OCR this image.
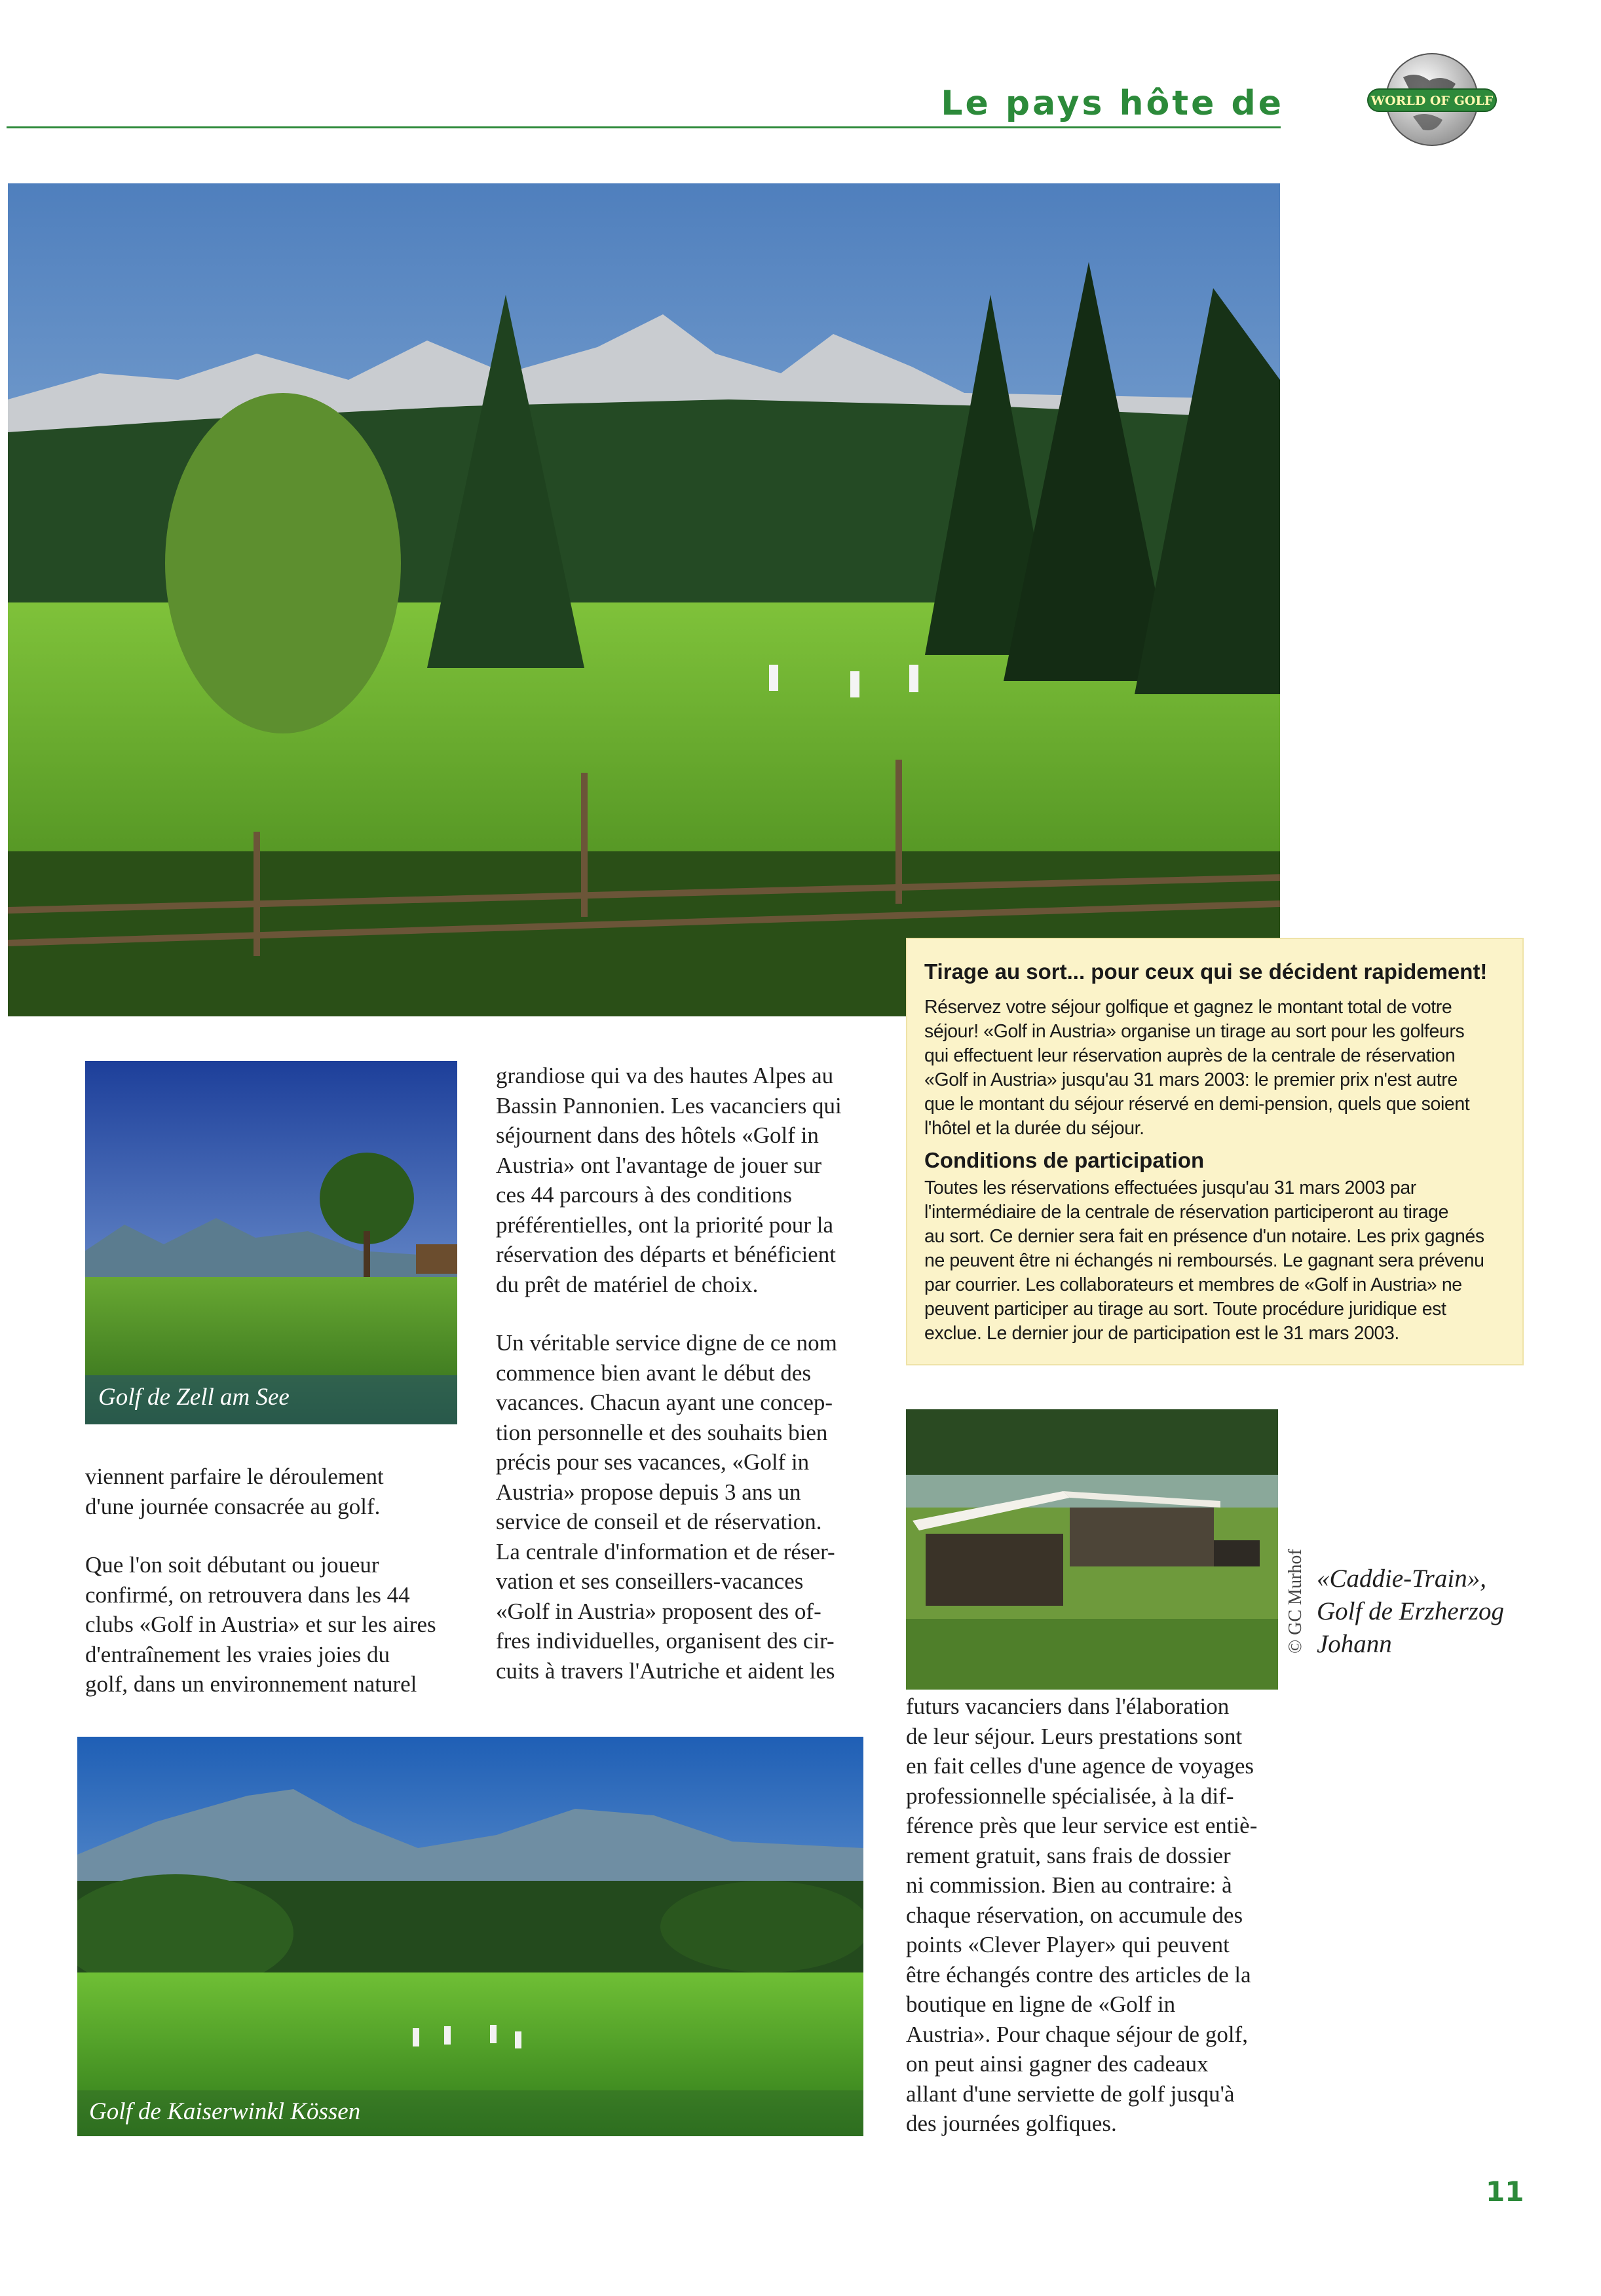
Le pays hôte de	WORLD OF GOLF
Tirage au sort... pour ceux qui se décident rapidement!

Réservez votre séjour golfique et gagnez le montant total de votre

séjour! «Golf in Austria» organise un tirage au sort pour les golfeurs

qui effectuent leur réservation auprès de la centrale de réservation

«Golf in Austria» jusqu'au 31 mars 2003: le premier prix n'est autre

que le montant du séjour réservé en demi-pension, quels que soient

l'hôtel et la durée du séjour.

Conditions de participation

Toutes les réservations effectuées jusqu'au 31 mars 2003 par

l'intermédiaire de la centrale de réservation participeront au tirage

au sort. Ce dernier sera fait en présence d'un notaire. Les prix gagnés

ne peuvent être ni échangés ni remboursés. Le gagnant sera prévenu

par courrier. Les collaborateurs et membres de «Golf in Austria» ne

peuvent participer au tirage au sort. Toute procédure juridique est

exclue. Le dernier jour de participation est le 31 mars 2003.

Golf de Zell am See

viennent parfaire le déroulement
d'une journée consacrée au golf.

Que l'on soit débutant ou joueur
confirmé, on retrouvera dans les 44
clubs «Golf in Austria» et sur les aires
d'entraînement les vraies joies du
golf, dans un environnement naturel

grandiose qui va des hautes Alpes au
Bassin Pannonien. Les vacanciers qui
séjournent dans des hôtels «Golf in
Austria» ont l'avantage de jouer sur
ces 44 parcours à des conditions
préférentielles, ont la priorité pour la
réservation des départs et bénéficient
du prêt de matériel de choix.

Un véritable service digne de ce nom
commence bien avant le début des
vacances. Chacun ayant une concep-
tion personnelle et des souhaits bien
précis pour ses vacances, «Golf in
Austria» propose depuis 3 ans un
service de conseil et de réservation.
La centrale d'information et de réser-
vation et ses conseillers-vacances
«Golf in Austria» proposent des of-
fres individuelles, organisent des cir-
cuits à travers l'Autriche et aident les

© GC Murhof «Caddie-Train»,
Golf de Erzherzog
Johann

futurs vacanciers dans l'élaboration
de leur séjour. Leurs prestations sont
en fait celles d'une agence de voyages
professionnelle spécialisée, à la dif-
férence près que leur service est entiè-
rement gratuit, sans frais de dossier
ni commission. Bien au contraire: à
chaque réservation, on accumule des
points «Clever Player» qui peuvent
être échangés contre des articles de la
boutique en ligne de «Golf in
Austria». Pour chaque séjour de golf,
on peut ainsi gagner des cadeaux
allant d'une serviette de golf jusqu'à
des journées golfiques.

Golf de Kaiserwinkl Kössen
11
